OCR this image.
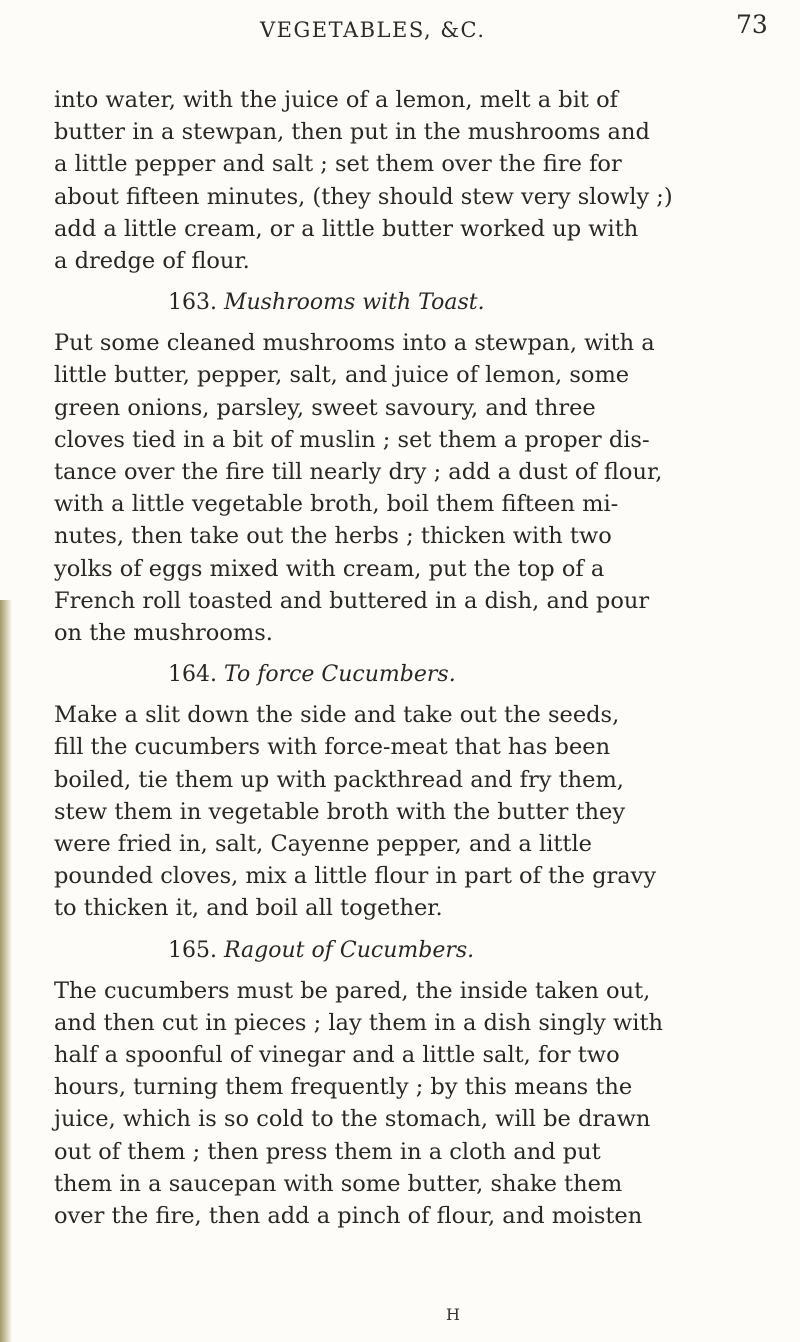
VEGETABLES, &C.	73
into water, with the juice of a lemon, melt a bit of
butter in a stewpan, then put in the mushrooms and
a little pepper and salt ; set them over the fire for
about fifteen minutes, (they should stew very slowly ;)
add a little cream, or a little butter worked up with
a dredge of flour.
163. Mushrooms with Toast.
Put some cleaned mushrooms into a stewpan, with a
little butter, pepper, salt, and juice of lemon, some
green onions, parsley, sweet savoury, and three
cloves tied in a bit of muslin ; set them a proper dis-
tance over the fire till nearly dry ; add a dust of flour,
with a little vegetable broth, boil them fifteen mi-
nutes, then take out the herbs ; thicken with two
yolks of eggs mixed with cream, put the top of a
French roll toasted and buttered in a dish, and pour
on the mushrooms.
164. To force Cucumbers.
Make a slit down the side and take out the seeds,
fill the cucumbers with force-meat that has been
boiled, tie them up with packthread and fry them,
stew them in vegetable broth with the butter they
were fried in, salt, Cayenne pepper, and a little
pounded cloves, mix a little flour in part of the gravy
to thicken it, and boil all together.
165. Ragout of Cucumbers.
The cucumbers must be pared, the inside taken out,
and then cut in pieces ; lay them in a dish singly with
half a spoonful of vinegar and a little salt, for two
hours, turning them frequently ; by this means the
juice, which is so cold to the stomach, will be drawn
out of them ; then press them in a cloth and put
them in a saucepan with some butter, shake them
over the fire, then add a pinch of flour, and moisten
H
